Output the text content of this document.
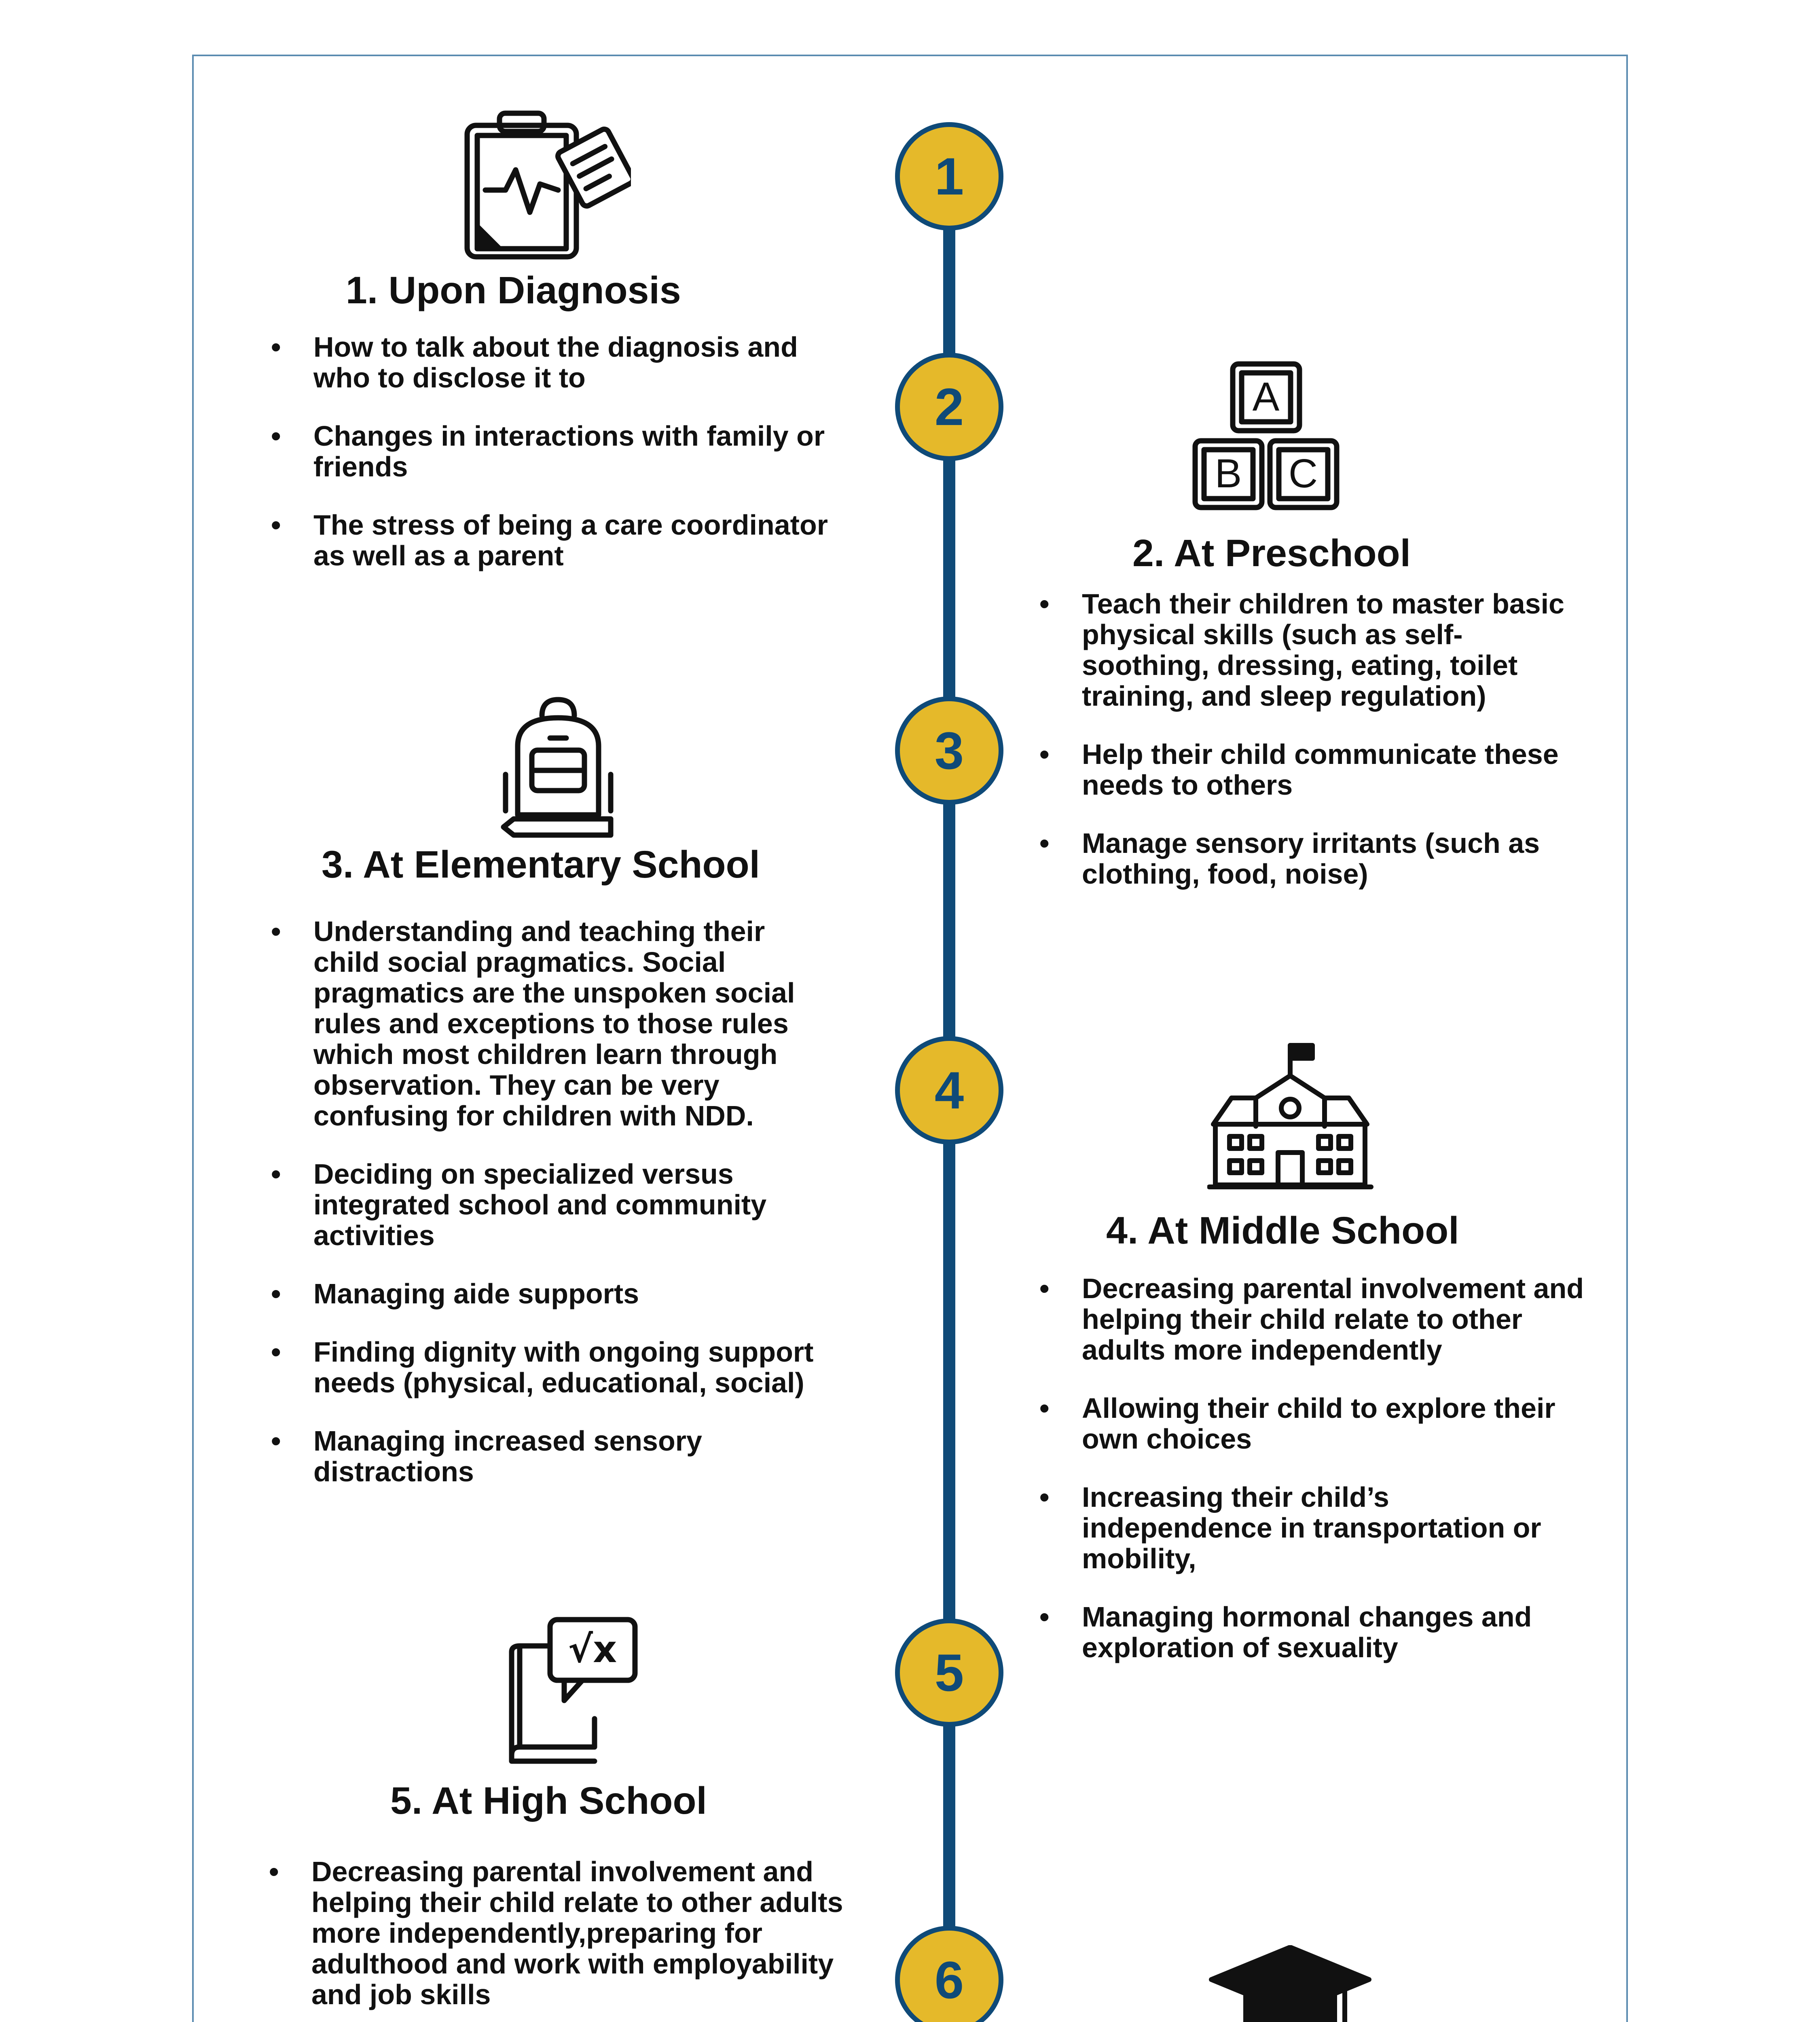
1
2
3
4
5
6
1. Upon Diagnosis
• How to talk about the diagnosis and who to disclose it to
• Changes in interactions with family or friends
• The stress of being a care coordinator as well as a parent
A
B C
2. At Preschool
• Teach their children to master basic physical skills (such as self-soothing, dressing, eating, toilet training, and sleep regulation)
• Help their child communicate these needs to others
• Manage sensory irritants (such as clothing, food, noise)
3. At Elementary School
• Understanding and teaching their child social pragmatics. Social pragmatics are the unspoken social rules and exceptions to those rules which most children learn through observation. They can be very confusing for children with NDD.
• Deciding on specialized versus integrated school and community activities
• Managing aide supports
• Finding dignity with ongoing support needs (physical, educational, social)
• Managing increased sensory distractions
4. At Middle School
• Decreasing parental involvement and helping their child relate to other adults more independently
• Allowing their child to explore their own choices
• Increasing their child’s independence in transportation or mobility,
• Managing hormonal changes and exploration of sexuality
√x
5. At High School
• Decreasing parental involvement and helping their child relate to other adults more independently,preparing for adulthood and work with employability and job skills
